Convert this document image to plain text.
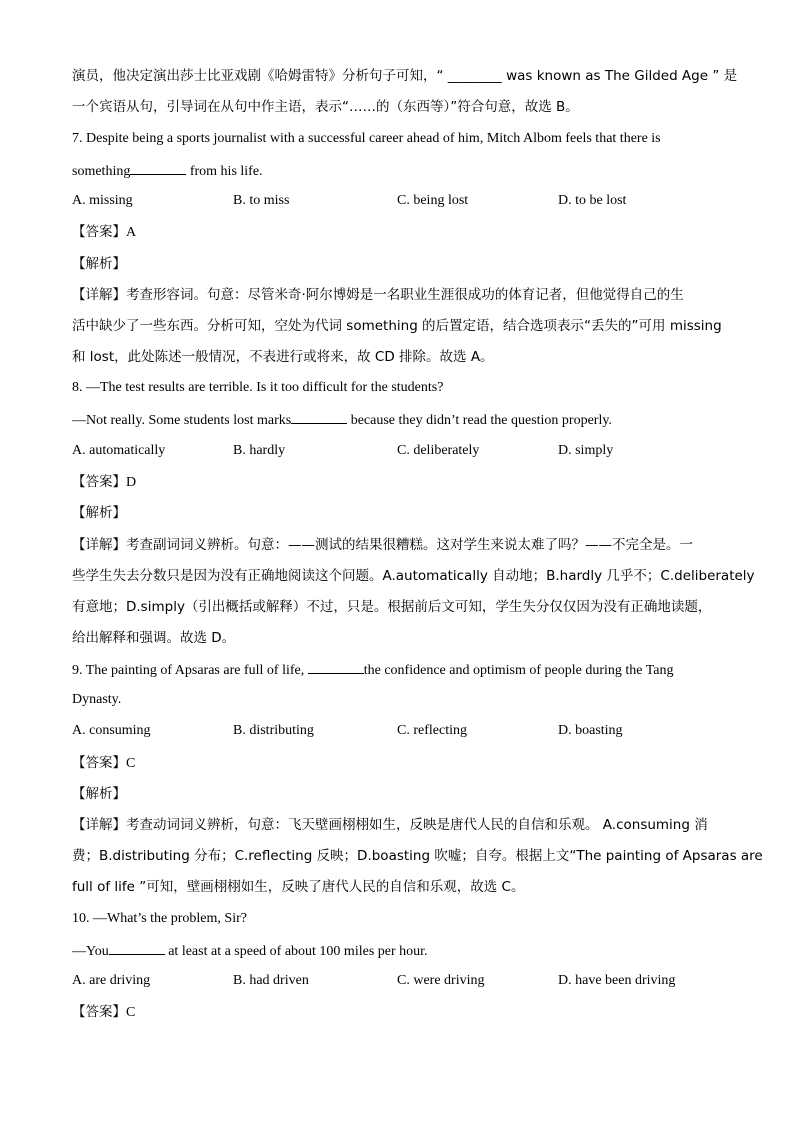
演员，他决定演出莎士比亚戏剧《哈姆雷特》分析句子可知，“ ________ was known as The Gilded Age ” 是
一个宾语从句，引导词在从句中作主语，表示“……的（东西等）”符合句意，故选 B。
7. Despite being a sports journalist with a successful career ahead of him, Mitch Albom feels that there is
something	from his life.
A. missing	B. to miss	C. being lost	D. to be lost
【答案】A
【解析】
【详解】考查形容词。句意：尽管米奇·阿尔博姆是一名职业生涯很成功的体育记者，但他觉得自己的生
活中缺少了一些东西。分析可知，空处为代词 something 的后置定语，结合选项表示“丢失的”可用 missing
和 lost，此处陈述一般情况，不表进行或将来，故 CD 排除。故选 A。
8. —The test results are terrible. Is it too difficult for the students?
—Not really. Some students lost marks	because they didn’t read the question properly.
A. automatically	B. hardly	C. deliberately	D. simply
【答案】D
【解析】
【详解】考查副词词义辨析。句意：——测试的结果很糟糕。这对学生来说太难了吗？——不完全是。一
些学生失去分数只是因为没有正确地阅读这个问题。A.automatically 自动地；B.hardly 几乎不；C.deliberately
有意地；D.simply（引出概括或解释）不过，只是。根据前后文可知，学生失分仅仅因为没有正确地读题，
给出解释和强调。故选 D。
9. The painting of Apsaras are full of life,	the confidence and optimism of people during the Tang
Dynasty.
A. consuming	B. distributing	C. reflecting	D. boasting
【答案】C
【解析】
【详解】考查动词词义辨析，句意：飞天壁画栩栩如生，反映是唐代人民的自信和乐观。 A.consuming 消
费；B.distributing 分布；C.reflecting 反映；D.boasting 吹嘘；自夸。根据上文“The painting of Apsaras are
full of life ”可知，壁画栩栩如生，反映了唐代人民的自信和乐观，故选 C。
10. —What’s the problem, Sir?
—You	at least at a speed of about 100 miles per hour.
A. are driving	B. had driven	C. were driving	D. have been driving
【答案】C
